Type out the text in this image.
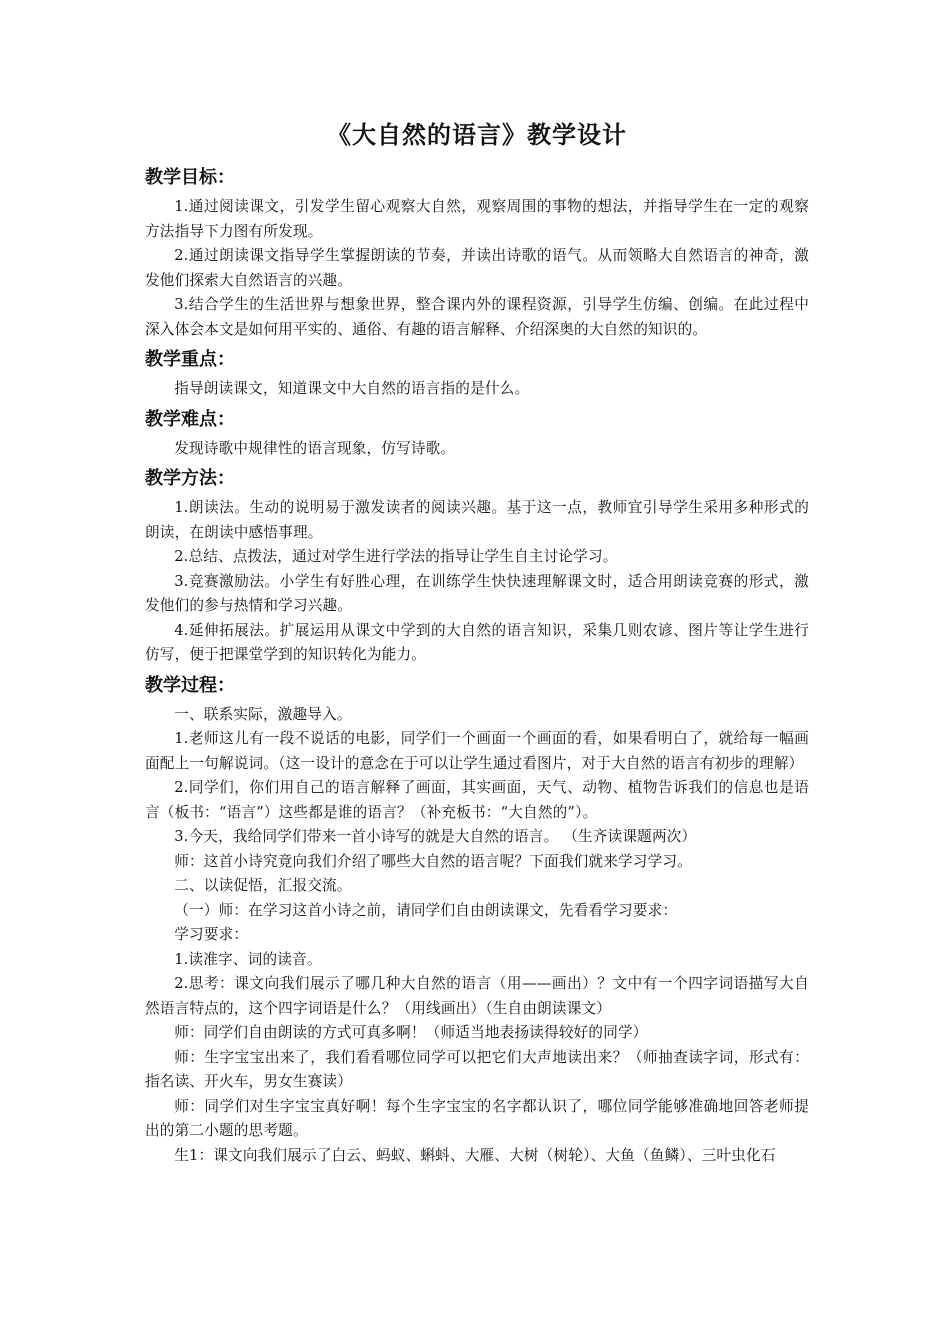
《大自然的语言》教学设计
教学目标：

1.通过阅读课文，引发学生留心观察大自然，观察周围的事物的想法，并指导学生在一定的观察方法指导下力图有所发现。

2.通过朗读课文指导学生掌握朗读的节奏，并读出诗歌的语气。从而领略大自然语言的神奇，激发他们探索大自然语言的兴趣。

3.结合学生的生活世界与想象世界，整合课内外的课程资源，引导学生仿编、创编。在此过程中深入体会本文是如何用平实的、通俗、有趣的语言解释、介绍深奥的大自然的知识的。

教学重点：

指导朗读课文，知道课文中大自然的语言指的是什么。

教学难点：

发现诗歌中规律性的语言现象，仿写诗歌。

教学方法：

1.朗读法。生动的说明易于激发读者的阅读兴趣。基于这一点，教师宜引导学生采用多种形式的朗读，在朗读中感悟事理。

2.总结、点拨法，通过对学生进行学法的指导让学生自主讨论学习。

3.竞赛激励法。小学生有好胜心理，在训练学生快快速理解课文时，适合用朗读竞赛的形式，激发他们的参与热情和学习兴趣。

4.延伸拓展法。扩展运用从课文中学到的大自然的语言知识，采集几则农谚、图片等让学生进行仿写，便于把课堂学到的知识转化为能力。

教学过程：

一、联系实际，激趣导入。

1.老师这儿有一段不说话的电影，同学们一个画面一个画面的看，如果看明白了，就给每一幅画面配上一句解说词。（这一设计的意念在于可以让学生通过看图片，对于大自然的语言有初步的理解）

2.同学们，你们用自己的语言解释了画面，其实画面，天气、动物、植物告诉我们的信息也是语言（板书：“语言”）这些都是谁的语言？（补充板书：“大自然的”）。

3.今天，我给同学们带来一首小诗写的就是大自然的语言。 （生齐读课题两次）

师：这首小诗究竟向我们介绍了哪些大自然的语言呢？下面我们就来学习学习。

二、以读促悟，汇报交流。

（一）师：在学习这首小诗之前，请同学们自由朗读课文，先看看学习要求：

学习要求：

1.读准字、词的读音。

2.思考：课文向我们展示了哪几种大自然的语言（用——画出）？文中有一个四字词语描写大自然语言特点的，这个四字词语是什么？（用线画出）（生自由朗读课文）

师：同学们自由朗读的方式可真多啊！（师适当地表扬读得较好的同学）

师：生字宝宝出来了，我们看看哪位同学可以把它们大声地读出来？（师抽查读字词，形式有：指名读、开火车，男女生赛读）

师：同学们对生字宝宝真好啊！每个生字宝宝的名字都认识了，哪位同学能够准确地回答老师提出的第二小题的思考题。

生1：课文向我们展示了白云、蚂蚁、蝌蚪、大雁、大树（树轮）、大鱼（鱼鳞）、三叶虫化石
